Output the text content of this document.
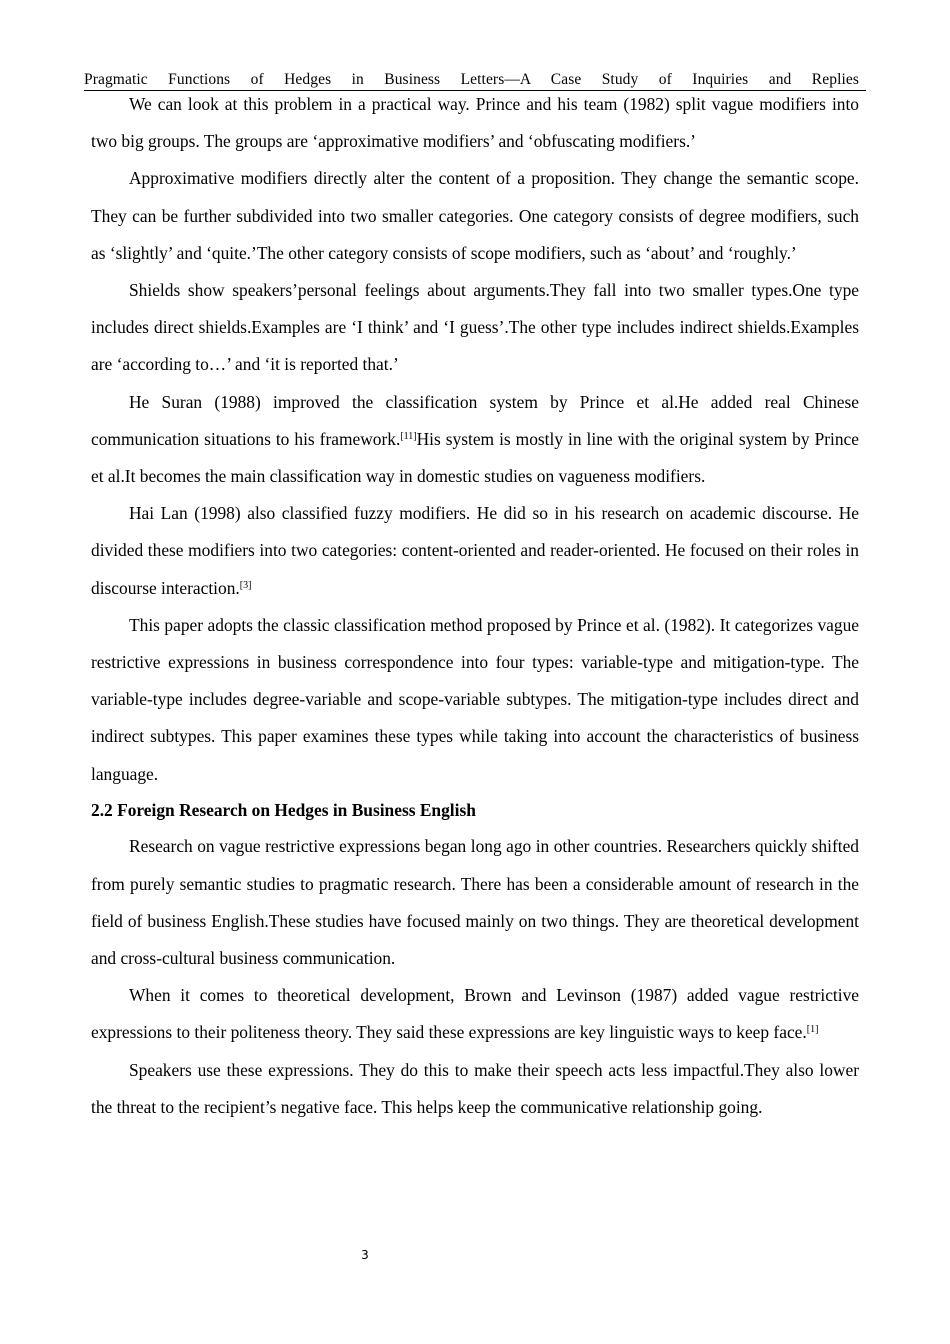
Pragmatic Functions of Hedges in Business Letters—A Case Study of Inquiries and Replies

We can look at this problem in a practical way. Prince and his team (1982) split vague modifiers into two big groups. The groups are ‘approximative modifiers’ and ‘obfuscating modifiers.’

Approximative modifiers directly alter the content of a proposition. They change the semantic scope. They can be further subdivided into two smaller categories. One category consists of degree modifiers, such as ‘slightly’ and ‘quite.’The other category consists of scope modifiers, such as ‘about’ and ‘roughly.’

Shields show speakers’personal feelings about arguments.They fall into two smaller types.One type includes direct shields.Examples are ‘I think’ and ‘I guess’.The other type includes indirect shields.Examples are ‘according to…’ and ‘it is reported that.’

He Suran (1988) improved the classification system by Prince et al.He added real Chinese communication situations to his framework.[11]His system is mostly in line with the original system by Prince et al.It becomes the main classification way in domestic studies on vagueness modifiers.

Hai Lan (1998) also classified fuzzy modifiers. He did so in his research on academic discourse. He divided these modifiers into two categories: content-oriented and reader-oriented. He focused on their roles in discourse interaction.[3]

This paper adopts the classic classification method proposed by Prince et al. (1982). It categorizes vague restrictive expressions in business correspondence into four types: variable-type and mitigation-type. The variable-type includes degree-variable and scope-variable subtypes. The mitigation-type includes direct and indirect subtypes. This paper examines these types while taking into account the characteristics of business language.

2.2 Foreign Research on Hedges in Business English

Research on vague restrictive expressions began long ago in other countries. Researchers quickly shifted from purely semantic studies to pragmatic research. There has been a considerable amount of research in the field of business English.These studies have focused mainly on two things. They are theoretical development and cross-cultural business communication.

When it comes to theoretical development, Brown and Levinson (1987) added vague restrictive expressions to their politeness theory. They said these expressions are key linguistic ways to keep face.[1]

Speakers use these expressions. They do this to make their speech acts less impactful.They also lower the threat to the recipient’s negative face. This helps keep the communicative relationship going.

3
